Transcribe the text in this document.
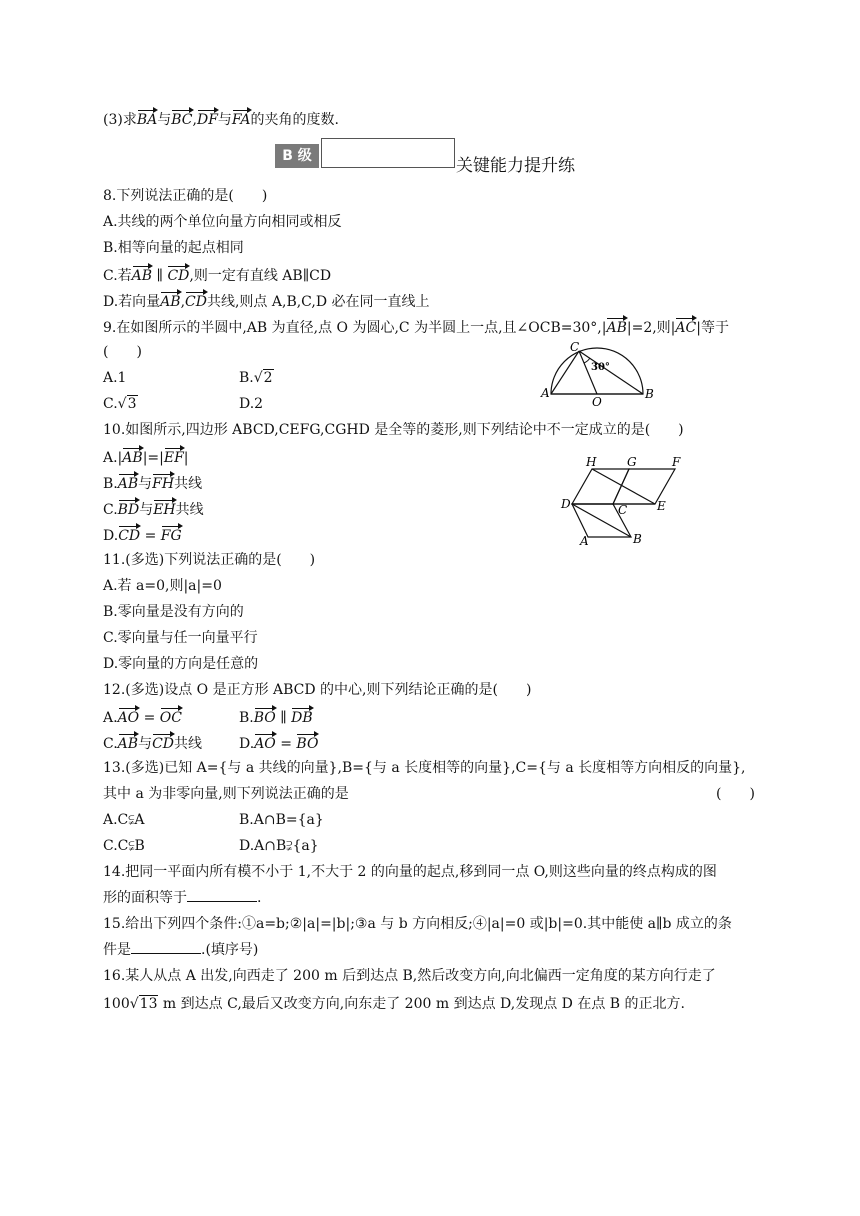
(3)求BA与BC,DF与FA的夹角的度数.
B 级	关键能力提升练
8.下列说法正确的是(　　)
A.共线的两个单位向量方向相同或相反
B.相等向量的起点相同
C.若AB ∥ CD,则一定有直线 AB∥CD
D.若向量AB,CD共线,则点 A,B,C,D 必在同一直线上
9.在如图所示的半圆中,AB 为直径,点 O 为圆心,C 为半圆上一点,且∠OCB=30°,|AB|=2,则|AC|等于
(　　)
A.1	B.√2
C.√3	D.2
C
A
O
B
30°
10.如图所示,四边形 ABCD,CEFG,CGHD 是全等的菱形,则下列结论中不一定成立的是(　　)
A.|AB|=|EF|
B.AB与FH共线
C.BD与EH共线
D.CD = FG
H	G	F
D	C E
A	B
11.(多选)下列说法正确的是(　　)
A.若 a=0,则|a|=0
B.零向量是没有方向的
C.零向量与任一向量平行
D.零向量的方向是任意的
12.(多选)设点 O 是正方形 ABCD 的中心,则下列结论正确的是(　　)
A.AO = OC	B.BO ∥ DB
C.AB与CD共线	D.AO = BO
13.(多选)已知 A={与 a 共线的向量},B={与 a 长度相等的向量},C={与 a 长度相等方向相反的向量},
其中 a 为非零向量,则下列说法正确的是	(　　)
A.C⫋A	B.A∩B={a}
C.C⫋B	D.A∩B⫌{a}
14.把同一平面内所有模不小于 1,不大于 2 的向量的起点,移到同一点 O,则这些向量的终点构成的图
形的面积等于	.
15.给出下列四个条件:①a=b;②|a|=|b|;③a 与 b 方向相反;④|a|=0 或|b|=0.其中能使 a∥b 成立的条
件是	.(填序号)
16.某人从点 A 出发,向西走了 200 m 后到达点 B,然后改变方向,向北偏西一定角度的某方向行走了
100√13 m 到达点 C,最后又改变方向,向东走了 200 m 到达点 D,发现点 D 在点 B 的正北方.
